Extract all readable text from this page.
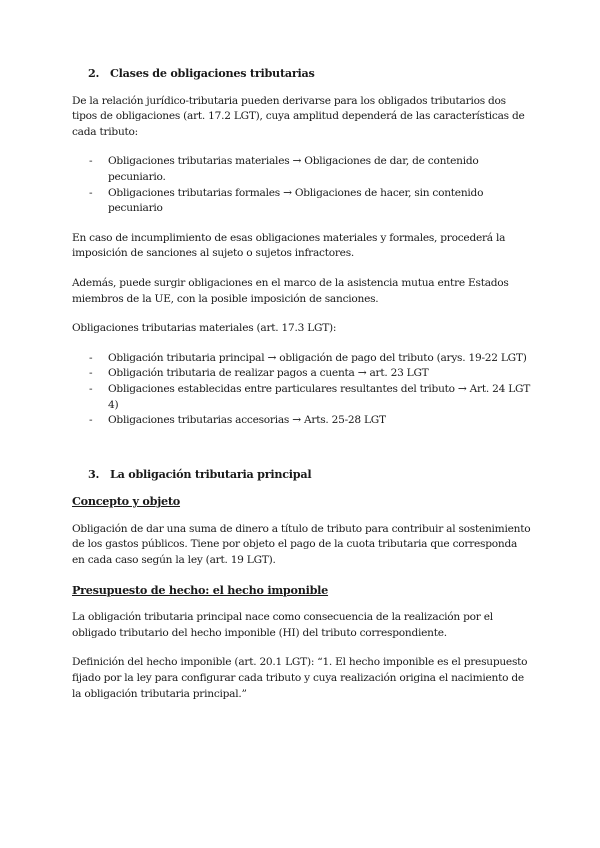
2. Clases de obligaciones tributarias

De la relación jurídico-tributaria pueden derivarse para los obligados tributarios dos tipos de obligaciones (art. 17.2 LGT), cuya amplitud dependerá de las características de cada tributo:

- Obligaciones tributarias materiales → Obligaciones de dar, de contenido pecuniario.
- Obligaciones tributarias formales → Obligaciones de hacer, sin contenido pecuniario

En caso de incumplimiento de esas obligaciones materiales y formales, procederá la imposición de sanciones al sujeto o sujetos infractores.

Además, puede surgir obligaciones en el marco de la asistencia mutua entre Estados miembros de la UE, con la posible imposición de sanciones.

Obligaciones tributarias materiales (art. 17.3 LGT):

- Obligación tributaria principal → obligación de pago del tributo (arys. 19-22 LGT)
- Obligación tributaria de realizar pagos a cuenta → art. 23 LGT
- Obligaciones establecidas entre particulares resultantes del tributo → Art. 24 LGT 4)
- Obligaciones tributarias accesorias → Arts. 25-28 LGT
3. La obligación tributaria principal
Concepto y objeto

Obligación de dar una suma de dinero a título de tributo para contribuir al sostenimiento de los gastos públicos. Tiene por objeto el pago de la cuota tributaria que corresponda en cada caso según la ley (art. 19 LGT).

Presupuesto de hecho: el hecho imponible

La obligación tributaria principal nace como consecuencia de la realización por el obligado tributario del hecho imponible (HI) del tributo correspondiente.

Definición del hecho imponible (art. 20.1 LGT): “1. El hecho imponible es el presupuesto fijado por la ley para configurar cada tributo y cuya realización origina el nacimiento de la obligación tributaria principal.”
